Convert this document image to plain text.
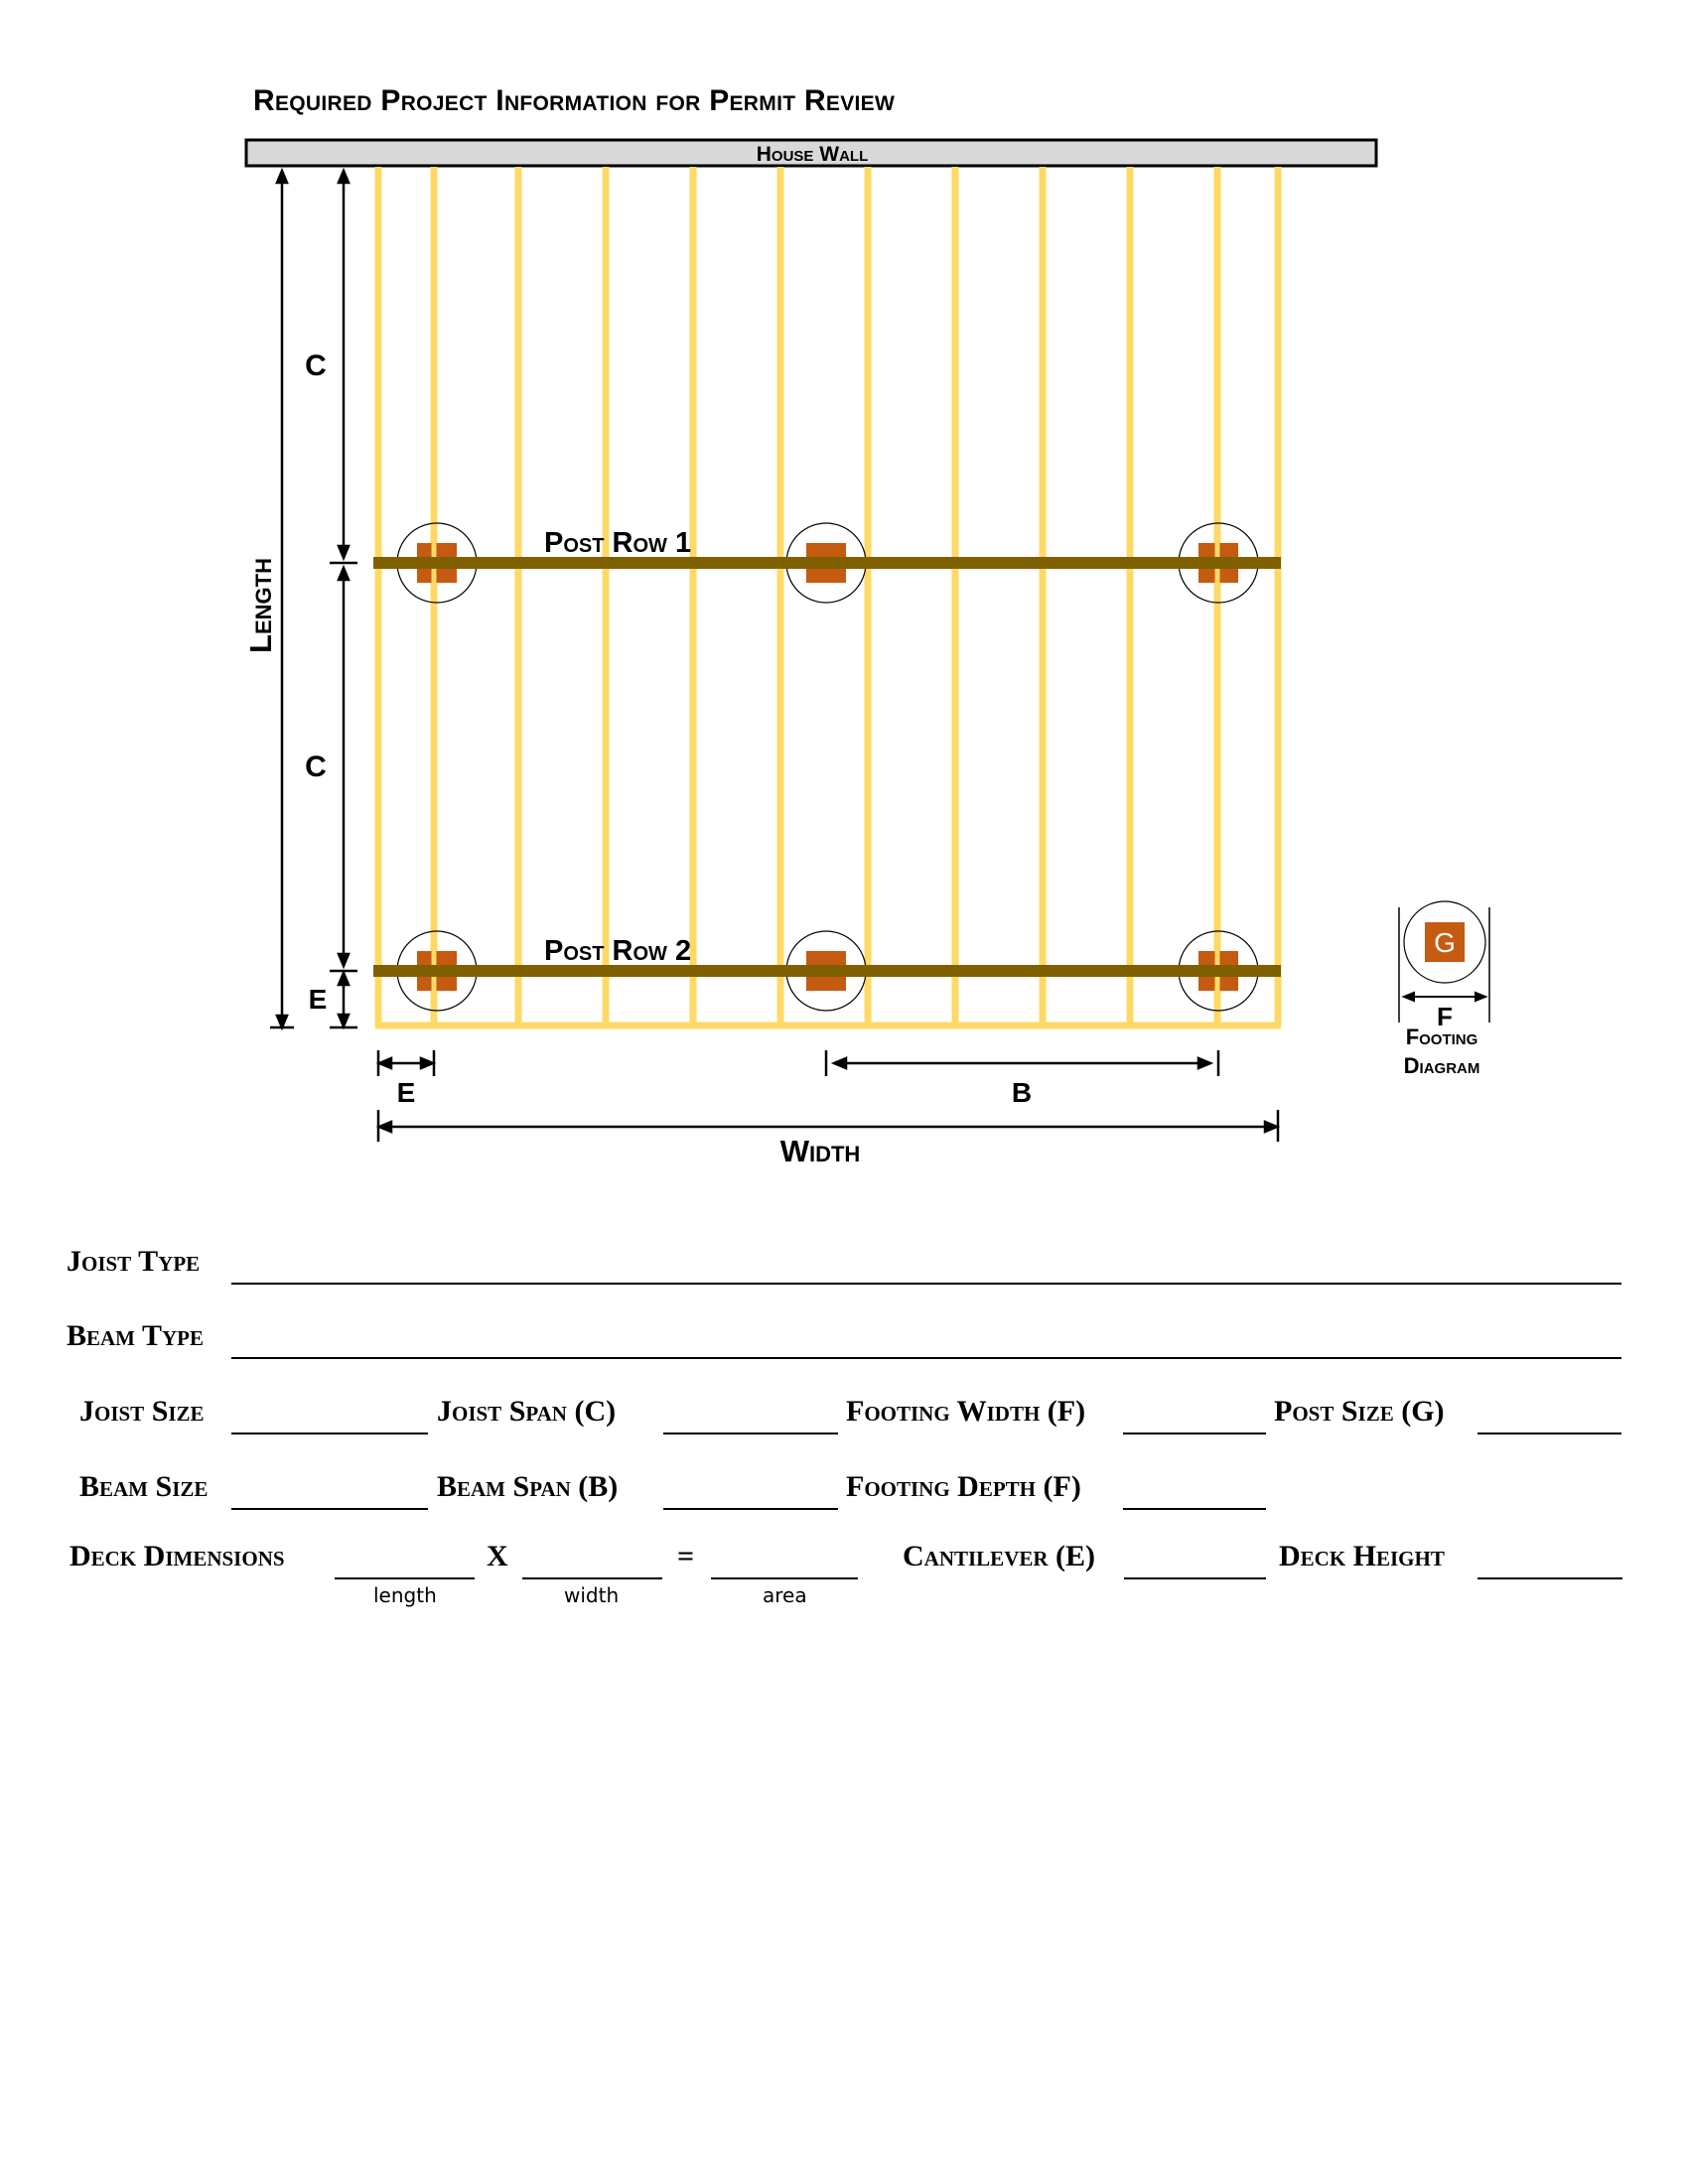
Required Project Information for Permit Review
House Wall
Post Row 1
Post Row 2
Length
C
C
E
E	B
Width
G
F
Footing
Diagram
Joist Type
Beam Type
Joist Size	Joist Span (C)	Footing Width (F)	Post Size (G)
Beam Size	Beam Span (B)	Footing Depth (F)
Deck Dimensions	X	=	Cantilever (E)	Deck Height
length	width	area
